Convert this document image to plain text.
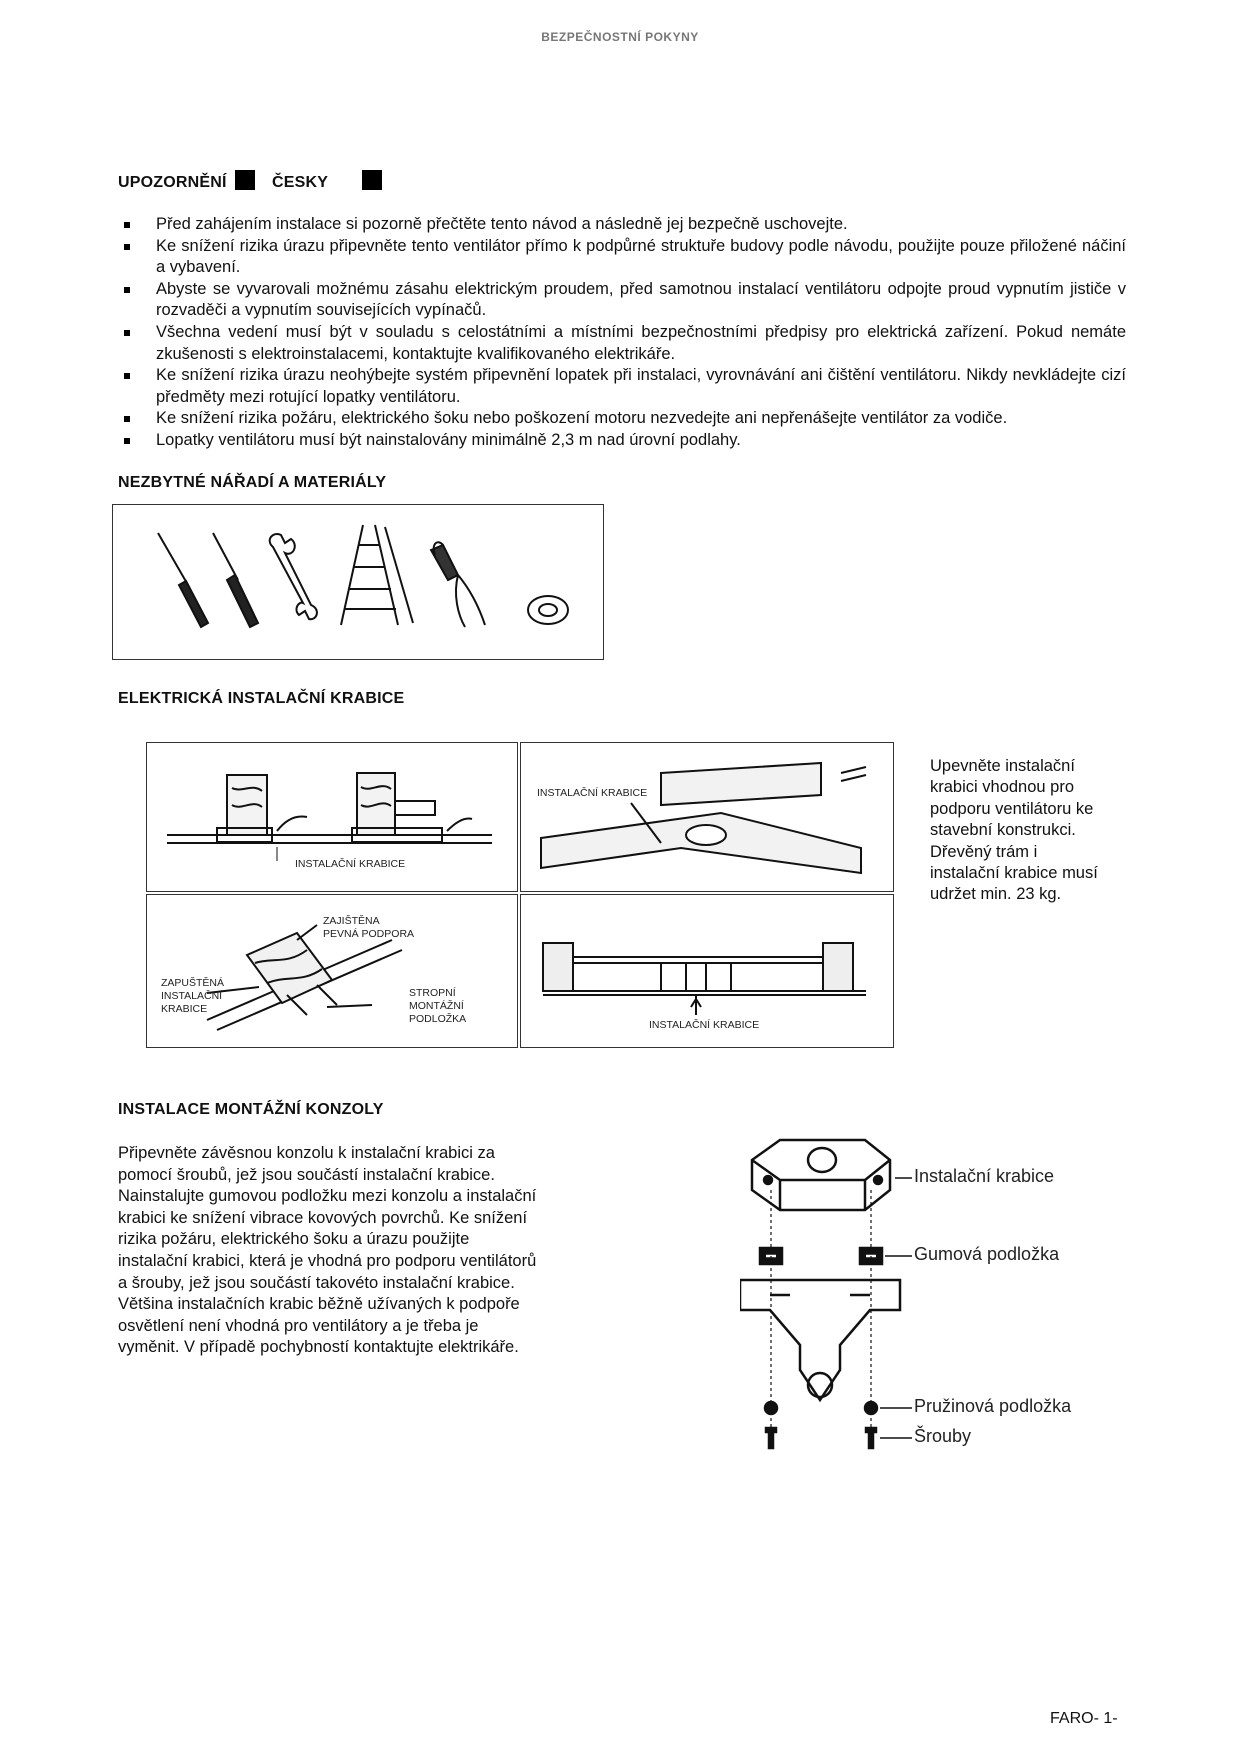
BEZPEČNOSTNÍ POKYNY
UPOZORNĚNÍ	ČESKY
Před zahájením instalace si pozorně přečtěte tento návod a následně jej bezpečně uschovejte.
Ke snížení rizika úrazu připevněte tento ventilátor přímo k podpůrné struktuře budovy podle návodu, použijte pouze přiložené náčiní a vybavení.
Abyste se vyvarovali možnému zásahu elektrickým proudem, před samotnou instalací ventilátoru odpojte proud vypnutím jističe v rozvaděči a vypnutím souvisejících vypínačů.
Všechna vedení musí být v souladu s celostátními a místními bezpečnostními předpisy pro elektrická zařízení. Pokud nemáte zkušenosti s elektroinstalacemi, kontaktujte kvalifikovaného elektrikáře.
Ke snížení rizika úrazu neohýbejte systém připevnění lopatek při instalaci, vyrovnávání ani čištění ventilátoru. Nikdy nevkládejte cizí předměty mezi rotující lopatky ventilátoru.
Ke snížení rizika požáru, elektrického šoku nebo poškození motoru nezvedejte ani nepřenášejte ventilátor za vodiče.
Lopatky ventilátoru musí být nainstalovány minimálně 2,3 m nad úrovní podlahy.
NEZBYTNÉ NÁŘADÍ A MATERIÁLY
ELEKTRICKÁ INSTALAČNÍ KRABICE
INSTALAČNÍ KRABICE
INSTALAČNÍ KRABICE
ZAJIŠTĚNA
PEVNÁ PODPORA
ZAPUŠTĚNÁ
INSTALAČNÍ
KRABICE
STROPNÍ
MONTÁŽNÍ
PODLOŽKA	INSTALAČNÍ KRABICE
Upevněte instalační
krabici vhodnou pro
podporu ventilátoru ke
stavební konstrukci.
Dřevěný trám i
instalační krabice musí
udržet min. 23 kg.
INSTALACE MONTÁŽNÍ KONZOLY
Připevněte závěsnou konzolu k instalační krabici za
pomocí šroubů, jež jsou součástí instalační krabice.
Nainstalujte gumovou podložku mezi konzolu a instalační
krabici ke snížení vibrace kovových povrchů. Ke snížení
rizika požáru, elektrického šoku a úrazu použijte
instalační krabici, která je vhodná pro podporu ventilátorů
a šrouby, jež jsou součástí takovéto instalační krabice.
Většina instalačních krabic běžně užívaných k podpoře
osvětlení není vhodná pro ventilátory a je třeba je
vyměnit. V případě pochybností kontaktujte elektrikáře.
Instalační krabice
Gumová podložka
Pružinová podložka
Šrouby
FARO- 1-
